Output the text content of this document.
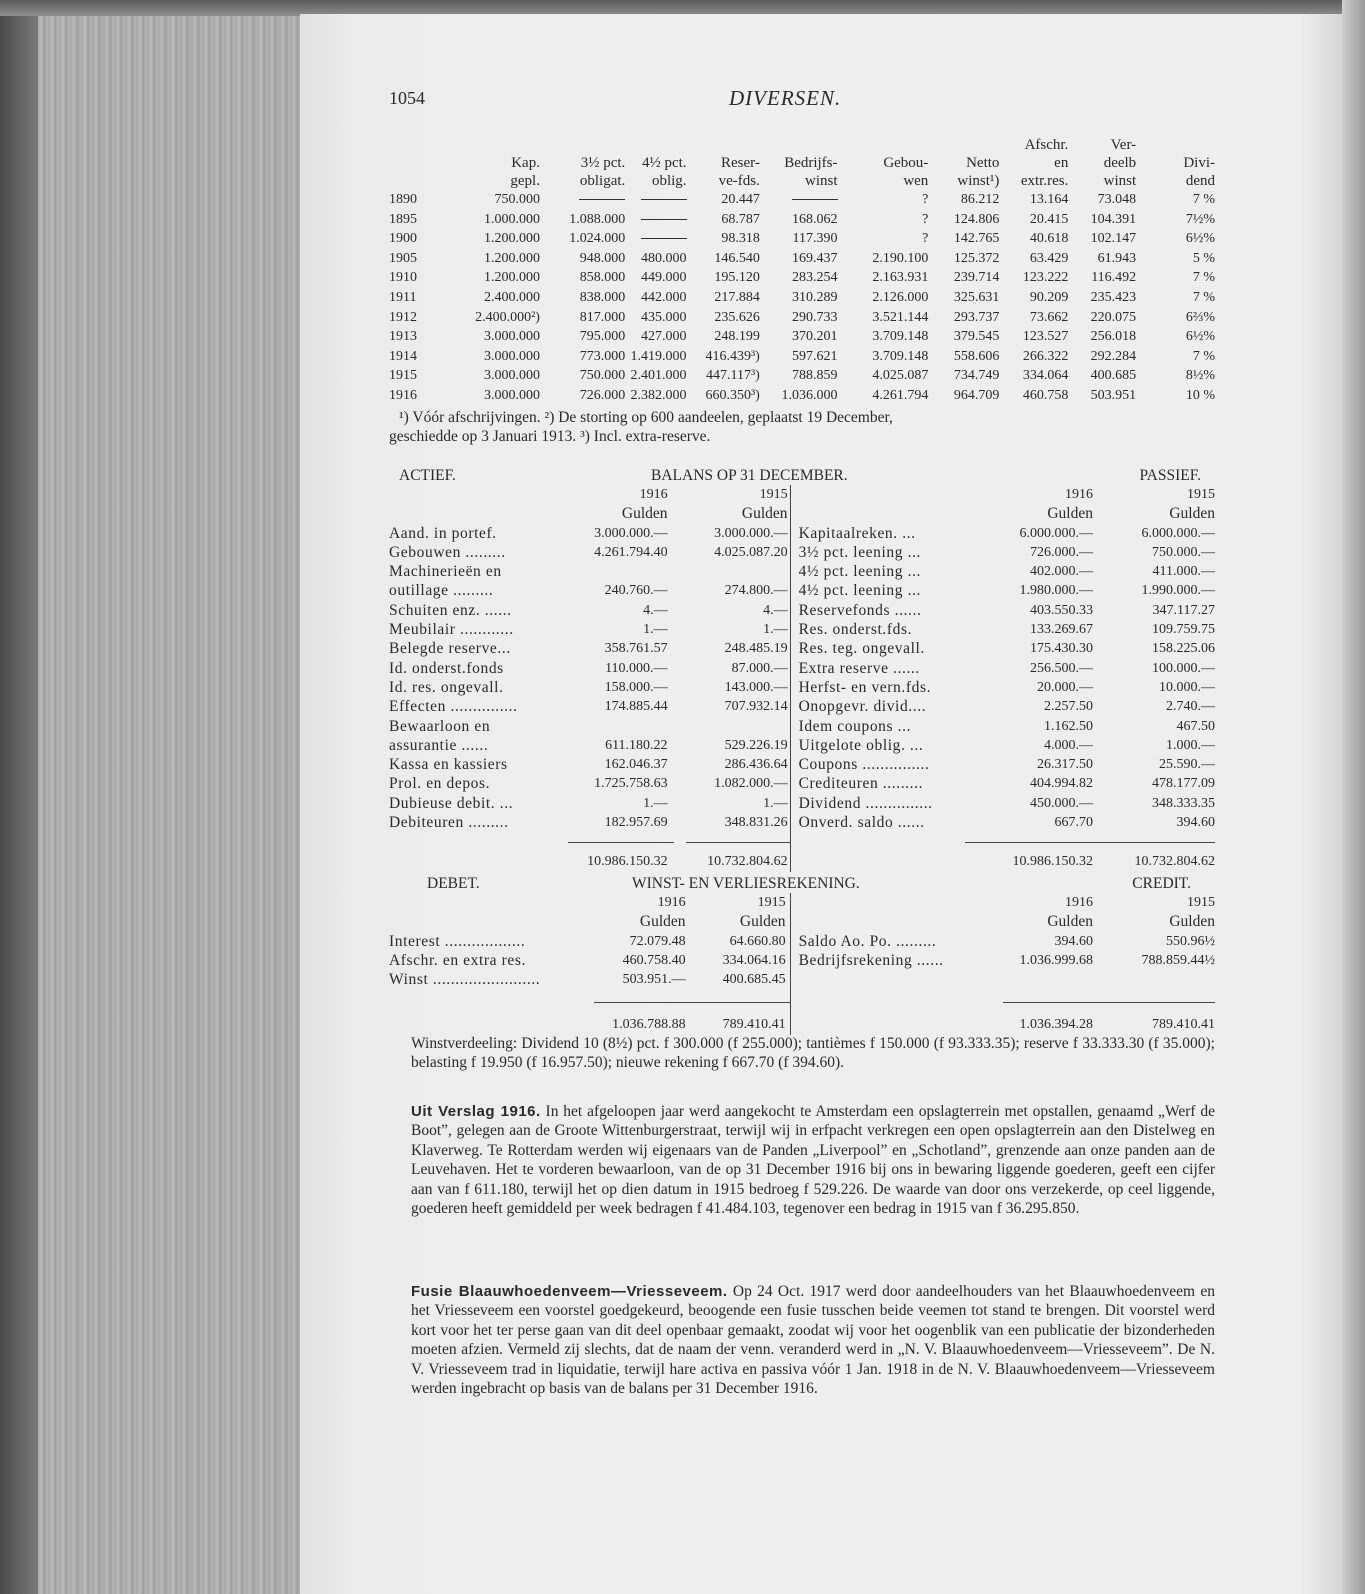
1054	DIVERSEN.
								Afschr.	Ver-	
	Kap.	3½ pct.	4½ pct.	Reser-	Bedrijfs-	Gebou-	Netto	en	deelb	Divi-
	gepl.	obligat.	oblig.	ve-fds.	winst	wen	winst¹)	extr.res.	winst	dend
1890	750.000			20.447		?	86.212	13.164	73.048	7 %
1895	1.000.000	1.088.000		68.787	168.062	?	124.806	20.415	104.391	7½%
1900	1.200.000	1.024.000		98.318	117.390	?	142.765	40.618	102.147	6½%
1905	1.200.000	948.000	480.000	146.540	169.437	2.190.100	125.372	63.429	61.943	5 %
1910	1.200.000	858.000	449.000	195.120	283.254	2.163.931	239.714	123.222	116.492	7 %
1911	2.400.000	838.000	442.000	217.884	310.289	2.126.000	325.631	90.209	235.423	7 %
1912	2.400.000²)	817.000	435.000	235.626	290.733	3.521.144	293.737	73.662	220.075	6⅔%
1913	3.000.000	795.000	427.000	248.199	370.201	3.709.148	379.545	123.527	256.018	6½%
1914	3.000.000	773.000	1.419.000	416.439³)	597.621	3.709.148	558.606	266.322	292.284	7 %
1915	3.000.000	750.000	2.401.000	447.117³)	788.859	4.025.087	734.749	334.064	400.685	8½%
1916	3.000.000	726.000	2.382.000	660.350³)	1.036.000	4.261.794	964.709	460.758	503.951	10 %
¹) Vóór afschrijvingen. ²) De storting op 600 aandeelen, geplaatst 19 December,
geschiedde op 3 Januari 1913. ³) Incl. extra-reserve.
ACTIEF.	BALANS OP 31 DECEMBER.	PASSIEF.
1916	1915
Gulden	Gulden
Aand. in portef.	3.000.000.—	3.000.000.—
Gebouwen .........	4.261.794.40	4.025.087.20
Machinerieën en
outillage .........	240.760.—	274.800.—
Schuiten enz. ......	4.—	4.—
Meubilair ............	1.—	1.—
Belegde reserve...	358.761.57	248.485.19
Id. onderst.fonds	110.000.—	87.000.—
Id. res. ongevall.	158.000.—	143.000.—
Effecten ...............	174.885.44	707.932.14
Bewaarloon en
assurantie ......	611.180.22	529.226.19
Kassa en kassiers	162.046.37	286.436.64
Prol. en depos.	1.725.758.63	1.082.000.—
Dubieuse debit. ...	1.—	1.—
Debiteuren .........	182.957.69	348.831.26
10.986.150.32	10.732.804.62
1916	1915
Gulden	Gulden
Kapitaalreken. ...	6.000.000.—	6.000.000.—
3½ pct. leening ...	726.000.—	750.000.—
4½ pct. leening ...	402.000.—	411.000.—
4½ pct. leening ...	1.980.000.—	1.990.000.—
Reservefonds ......	403.550.33	347.117.27
Res. onderst.fds.	133.269.67	109.759.75
Res. teg. ongevall.	175.430.30	158.225.06
Extra reserve ......	256.500.—	100.000.—
Herfst- en vern.fds.	20.000.—	10.000.—
Onopgevr. divid....	2.257.50	2.740.—
Idem coupons ...	1.162.50	467.50
Uitgelote oblig. ...	4.000.—	1.000.—
Coupons ...............	26.317.50	25.590.—
Crediteuren .........	404.994.82	478.177.09
Dividend ...............	450.000.—	348.333.35
Onverd. saldo ......	667.70	394.60
10.986.150.32	10.732.804.62
DEBET.	WINST- EN VERLIESREKENING.	CREDIT.
1916	1915
Gulden	Gulden
Interest ..................	72.079.48	64.660.80
Afschr. en extra res.	460.758.40	334.064.16
Winst ........................	503.951.—	400.685.45
1.036.788.88	789.410.41
1916	1915
Gulden	Gulden
Saldo Ao. Po. .........	394.60	550.96½
Bedrijfsrekening ......	1.036.999.68	788.859.44½
1.036.394.28	789.410.41
Winstverdeeling: Dividend 10 (8½) pct. f 300.000 (f 255.000); tantièmes f 150.000 (f 93.333.35); reserve f 33.333.30 (f 35.000); belasting f 19.950 (f 16.957.50); nieuwe rekening f 667.70 (f 394.60).
Uit Verslag 1916. In het afgeloopen jaar werd aangekocht te Amsterdam een opslagterrein met opstallen, genaamd „Werf de Boot”, gelegen aan de Groote Wittenburgerstraat, terwijl wij in erfpacht verkregen een open opslagterrein aan den Distelweg en Klaverweg. Te Rotterdam werden wij eigenaars van de Panden „Liverpool” en „Schotland”, grenzende aan onze panden aan de Leuvehaven. Het te vorderen bewaarloon, van de op 31 December 1916 bij ons in bewaring liggende goederen, geeft een cijfer aan van f 611.180, terwijl het op dien datum in 1915 bedroeg f 529.226. De waarde van door ons verzekerde, op ceel liggende, goederen heeft gemiddeld per week bedragen f 41.484.103, tegenover een bedrag in 1915 van f 36.295.850.
Fusie Blaauwhoedenveem—Vriesseveem. Op 24 Oct. 1917 werd door aandeelhouders van het Blaauwhoedenveem en het Vriesseveem een voorstel goedgekeurd, beoogende een fusie tusschen beide veemen tot stand te brengen. Dit voorstel werd kort voor het ter perse gaan van dit deel openbaar gemaakt, zoodat wij voor het oogenblik van een publicatie der bizonderheden moeten afzien. Vermeld zij slechts, dat de naam der venn. veranderd werd in „N. V. Blaauwhoedenveem—Vriesseveem”. De N. V. Vriesseveem trad in liquidatie, terwijl hare activa en passiva vóór 1 Jan. 1918 in de N. V. Blaauwhoedenveem—Vriesseveem werden ingebracht op basis van de balans per 31 December 1916.
